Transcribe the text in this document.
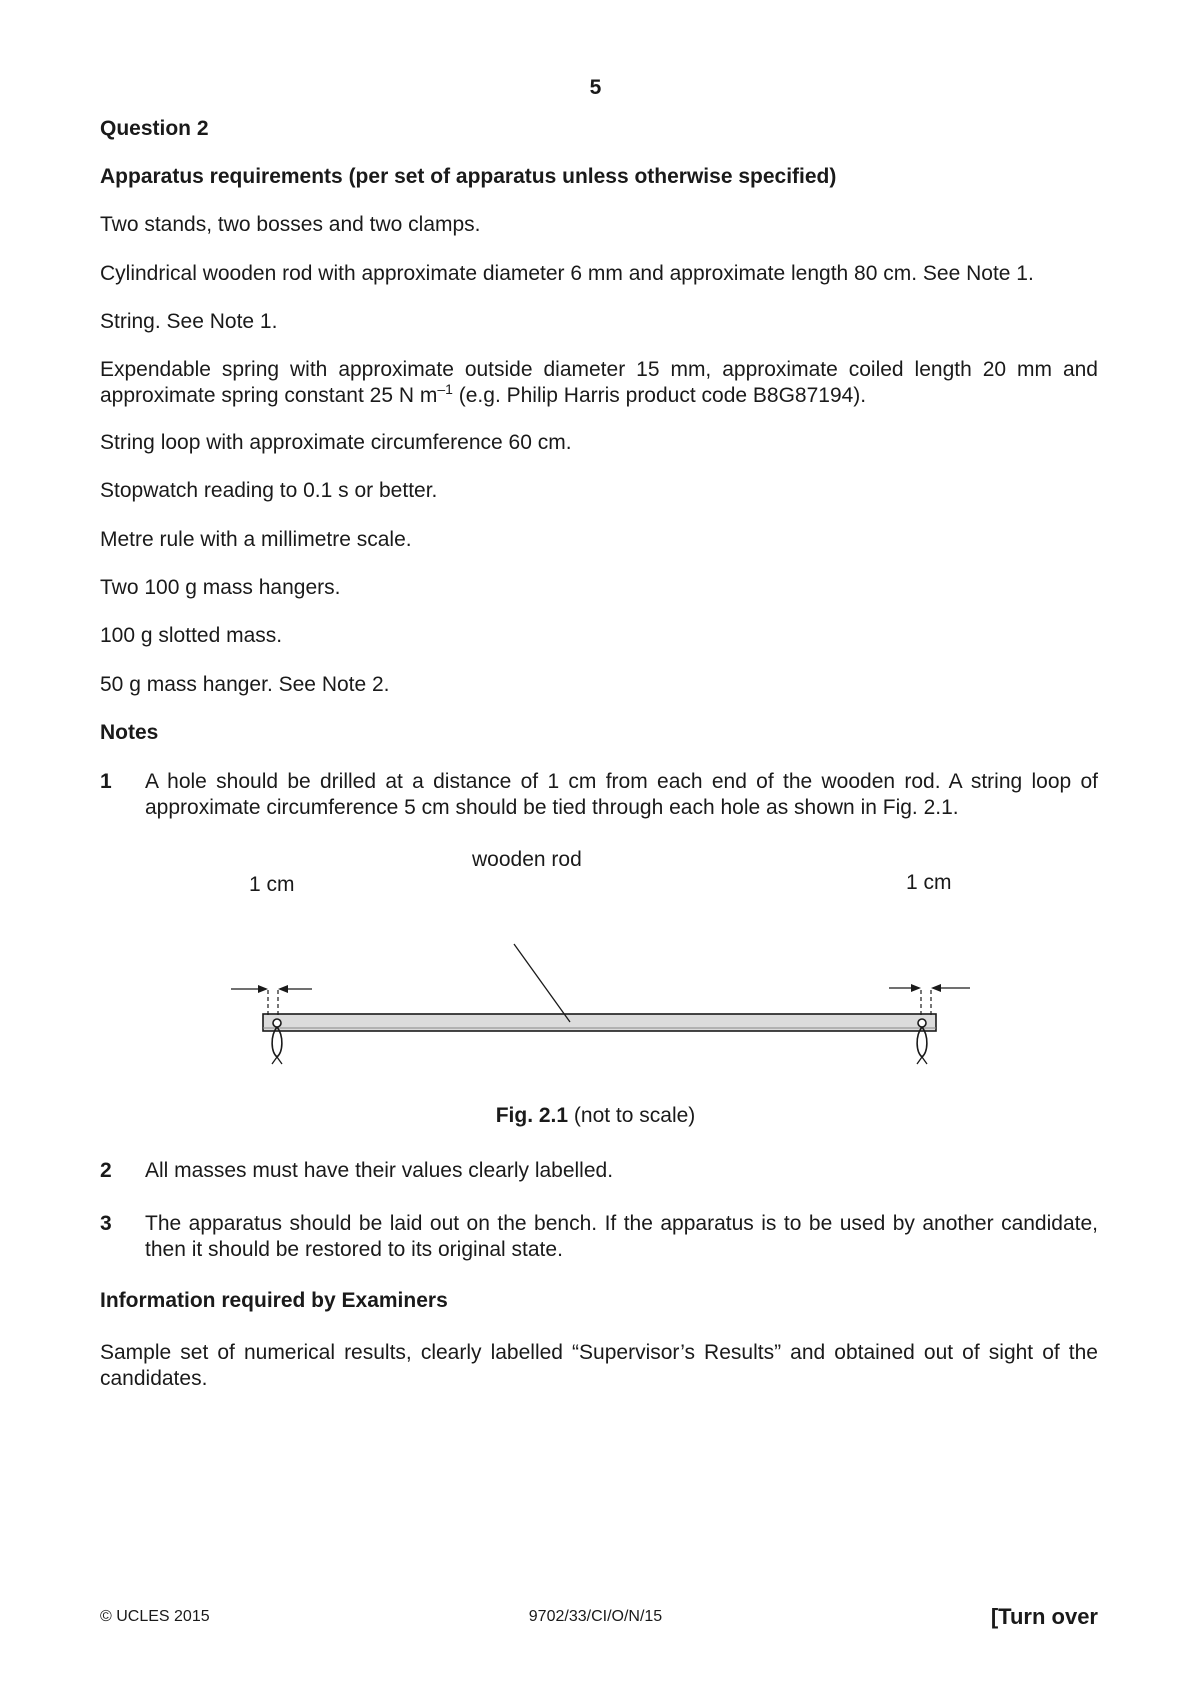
5
Question 2
Apparatus requirements (per set of apparatus unless otherwise specified)
Two stands, two bosses and two clamps.
Cylindrical wooden rod with approximate diameter 6 mm and approximate length 80 cm. See Note 1.
String. See Note 1.
Expendable spring with approximate outside diameter 15 mm, approximate coiled length 20 mm and approximate spring constant 25 N $m^{-1}$ (e.g. Philip Harris product code B8G87194).
String loop with approximate circumference 60 cm.
Stopwatch reading to 0.1 s or better.
Metre rule with a millimetre scale.
Two 100 g mass hangers.
100 g slotted mass.
50 g mass hanger. See Note 2.
Notes
1 A hole should be drilled at a distance of 1 cm from each end of the wooden rod. A string loop of approximate circumference 5 cm should be tied through each hole as shown in Fig. 2.1.
wooden rod
1 cm	1 cm
Fig. 2.1 (not to scale)
2 All masses must have their values clearly labelled.
3 The apparatus should be laid out on the bench. If the apparatus is to be used by another candidate, then it should be restored to its original state.
Information required by Examiners
Sample set of numerical results, clearly labelled “Supervisor’s Results” and obtained out of sight of the candidates.
© UCLES 2015	9702/33/CI/O/N/15	[Turn over
